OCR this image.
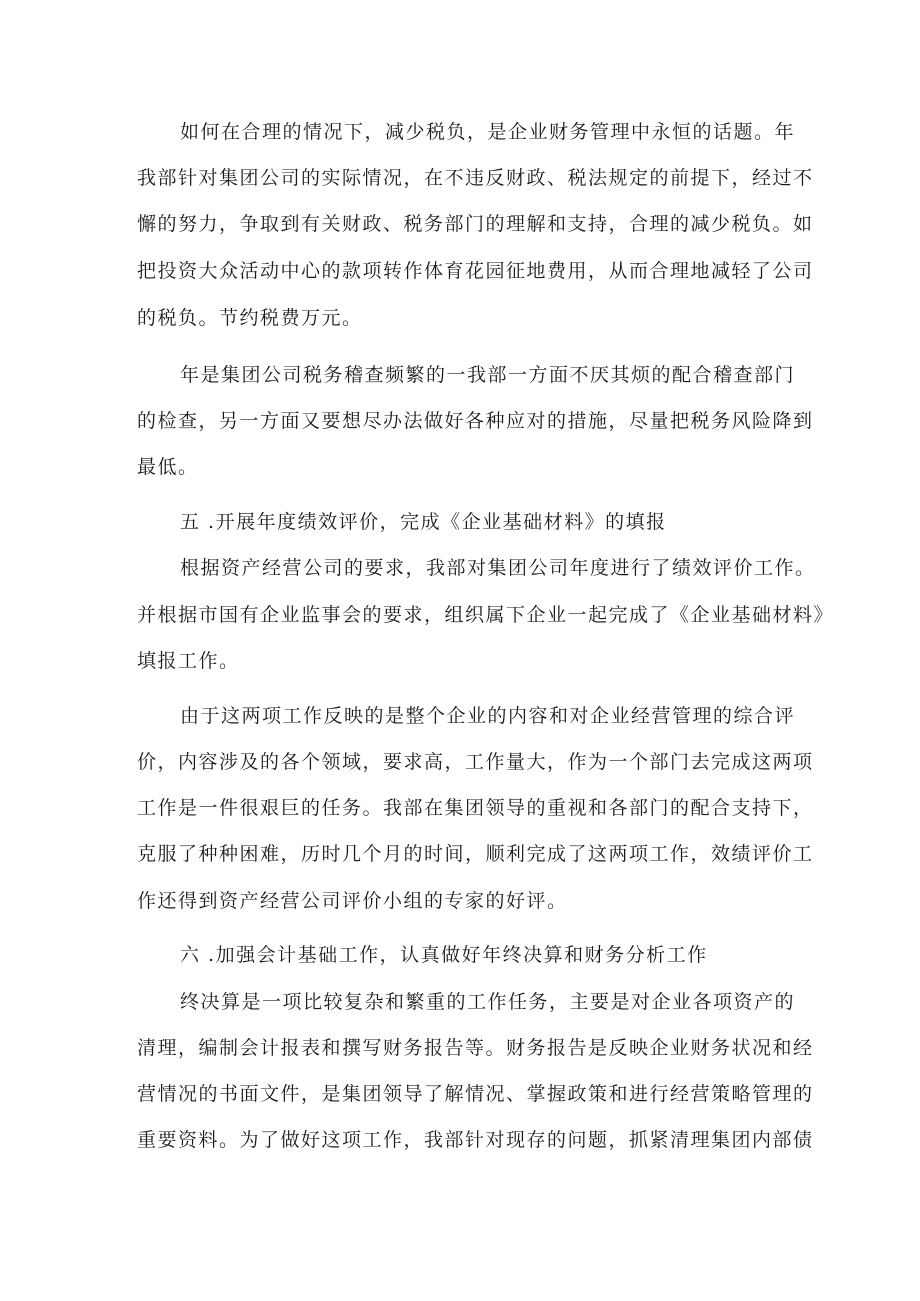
如何在合理的情况下，减少税负，是企业财务管理中永恒的话题。年
我部针对集团公司的实际情况，在不违反财政、税法规定的前提下，经过不
懈的努力，争取到有关财政、税务部门的理解和支持，合理的减少税负。如
把投资大众活动中心的款项转作体育花园征地费用，从而合理地减轻了公司
的税负。节约税费万元。
年是集团公司税务稽查频繁的一我部一方面不厌其烦的配合稽查部门
的检查，另一方面又要想尽办法做好各种应对的措施，尽量把税务风险降到
最低。
五 .开展年度绩效评价，完成《企业基础材料》的填报
根据资产经营公司的要求，我部对集团公司年度进行了绩效评价工作。
并根据市国有企业监事会的要求，组织属下企业一起完成了《企业基础材料》
填报工作。
由于这两项工作反映的是整个企业的内容和对企业经营管理的综合评
价，内容涉及的各个领域，要求高，工作量大，作为一个部门去完成这两项
工作是一件很艰巨的任务。我部在集团领导的重视和各部门的配合支持下，
克服了种种困难，历时几个月的时间，顺利完成了这两项工作，效绩评价工
作还得到资产经营公司评价小组的专家的好评。
六 .加强会计基础工作，认真做好年终决算和财务分析工作
终决算是一项比较复杂和繁重的工作任务，主要是对企业各项资产的
清理，编制会计报表和撰写财务报告等。财务报告是反映企业财务状况和经
营情况的书面文件，是集团领导了解情况、掌握政策和进行经营策略管理的
重要资料。为了做好这项工作，我部针对现存的问题，抓紧清理集团内部债
